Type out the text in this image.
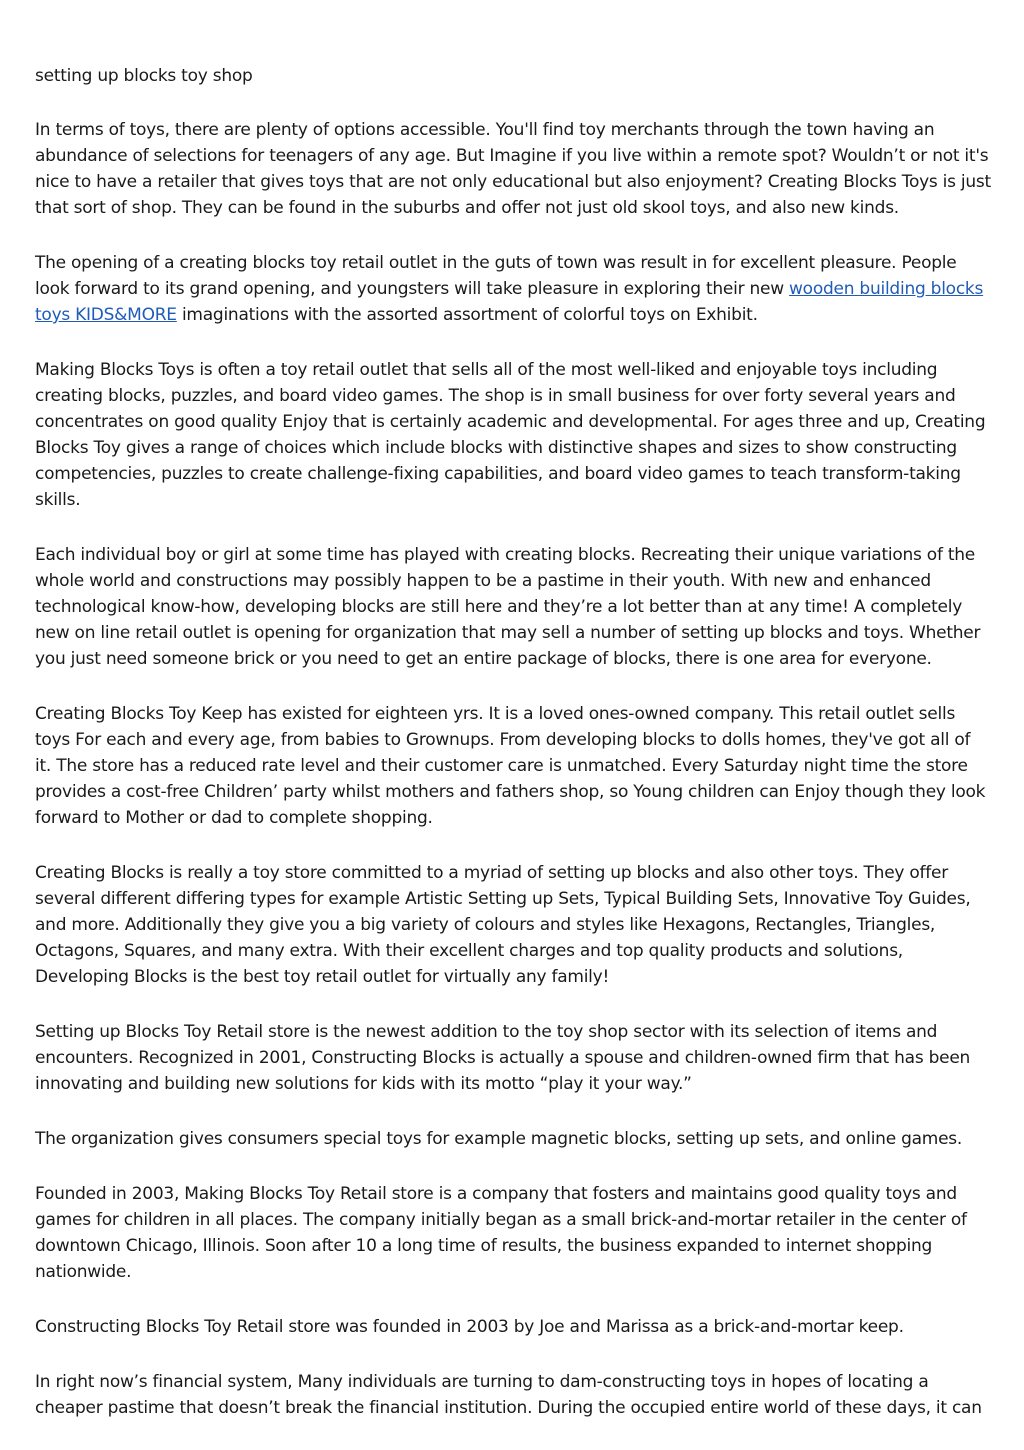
setting up blocks toy shop

In terms of toys, there are plenty of options accessible. You'll find toy merchants through the town having an abundance of selections for teenagers of any age. But Imagine if you live within a remote spot? Wouldn’t or not it's nice to have a retailer that gives toys that are not only educational but also enjoyment? Creating Blocks Toys is just that sort of shop. They can be found in the suburbs and offer not just old skool toys, and also new kinds.

The opening of a creating blocks toy retail outlet in the guts of town was result in for excellent pleasure. People look forward to its grand opening, and youngsters will take pleasure in exploring their new wooden building blocks toys KIDS&MORE imaginations with the assorted assortment of colorful toys on Exhibit.

Making Blocks Toys is often a toy retail outlet that sells all of the most well-liked and enjoyable toys including creating blocks, puzzles, and board video games. The shop is in small business for over forty several years and concentrates on good quality Enjoy that is certainly academic and developmental. For ages three and up, Creating Blocks Toy gives a range of choices which include blocks with distinctive shapes and sizes to show constructing competencies, puzzles to create challenge-fixing capabilities, and board video games to teach transform-taking skills.

Each individual boy or girl at some time has played with creating blocks. Recreating their unique variations of the whole world and constructions may possibly happen to be a pastime in their youth. With new and enhanced technological know-how, developing blocks are still here and they’re a lot better than at any time! A completely new on line retail outlet is opening for organization that may sell a number of setting up blocks and toys. Whether you just need someone brick or you need to get an entire package of blocks, there is one area for everyone.

Creating Blocks Toy Keep has existed for eighteen yrs. It is a loved ones-owned company. This retail outlet sells toys For each and every age, from babies to Grownups. From developing blocks to dolls homes, they've got all of it. The store has a reduced rate level and their customer care is unmatched. Every Saturday night time the store provides a cost-free Children’ party whilst mothers and fathers shop, so Young children can Enjoy though they look forward to Mother or dad to complete shopping.

Creating Blocks is really a toy store committed to a myriad of setting up blocks and also other toys. They offer several different differing types for example Artistic Setting up Sets, Typical Building Sets, Innovative Toy Guides, and more. Additionally they give you a big variety of colours and styles like Hexagons, Rectangles, Triangles, Octagons, Squares, and many extra. With their excellent charges and top quality products and solutions, Developing Blocks is the best toy retail outlet for virtually any family!

Setting up Blocks Toy Retail store is the newest addition to the toy shop sector with its selection of items and encounters. Recognized in 2001, Constructing Blocks is actually a spouse and children-owned firm that has been innovating and building new solutions for kids with its motto “play it your way.”

The organization gives consumers special toys for example magnetic blocks, setting up sets, and online games.

Founded in 2003, Making Blocks Toy Retail store is a company that fosters and maintains good quality toys and games for children in all places. The company initially began as a small brick-and-mortar retailer in the center of downtown Chicago, Illinois. Soon after 10 a long time of results, the business expanded to internet shopping nationwide.

Constructing Blocks Toy Retail store was founded in 2003 by Joe and Marissa as a brick-and-mortar keep.

In right now’s financial system, Many individuals are turning to dam-constructing toys in hopes of locating a cheaper pastime that doesn’t break the financial institution. During the occupied entire world of these days, it can
